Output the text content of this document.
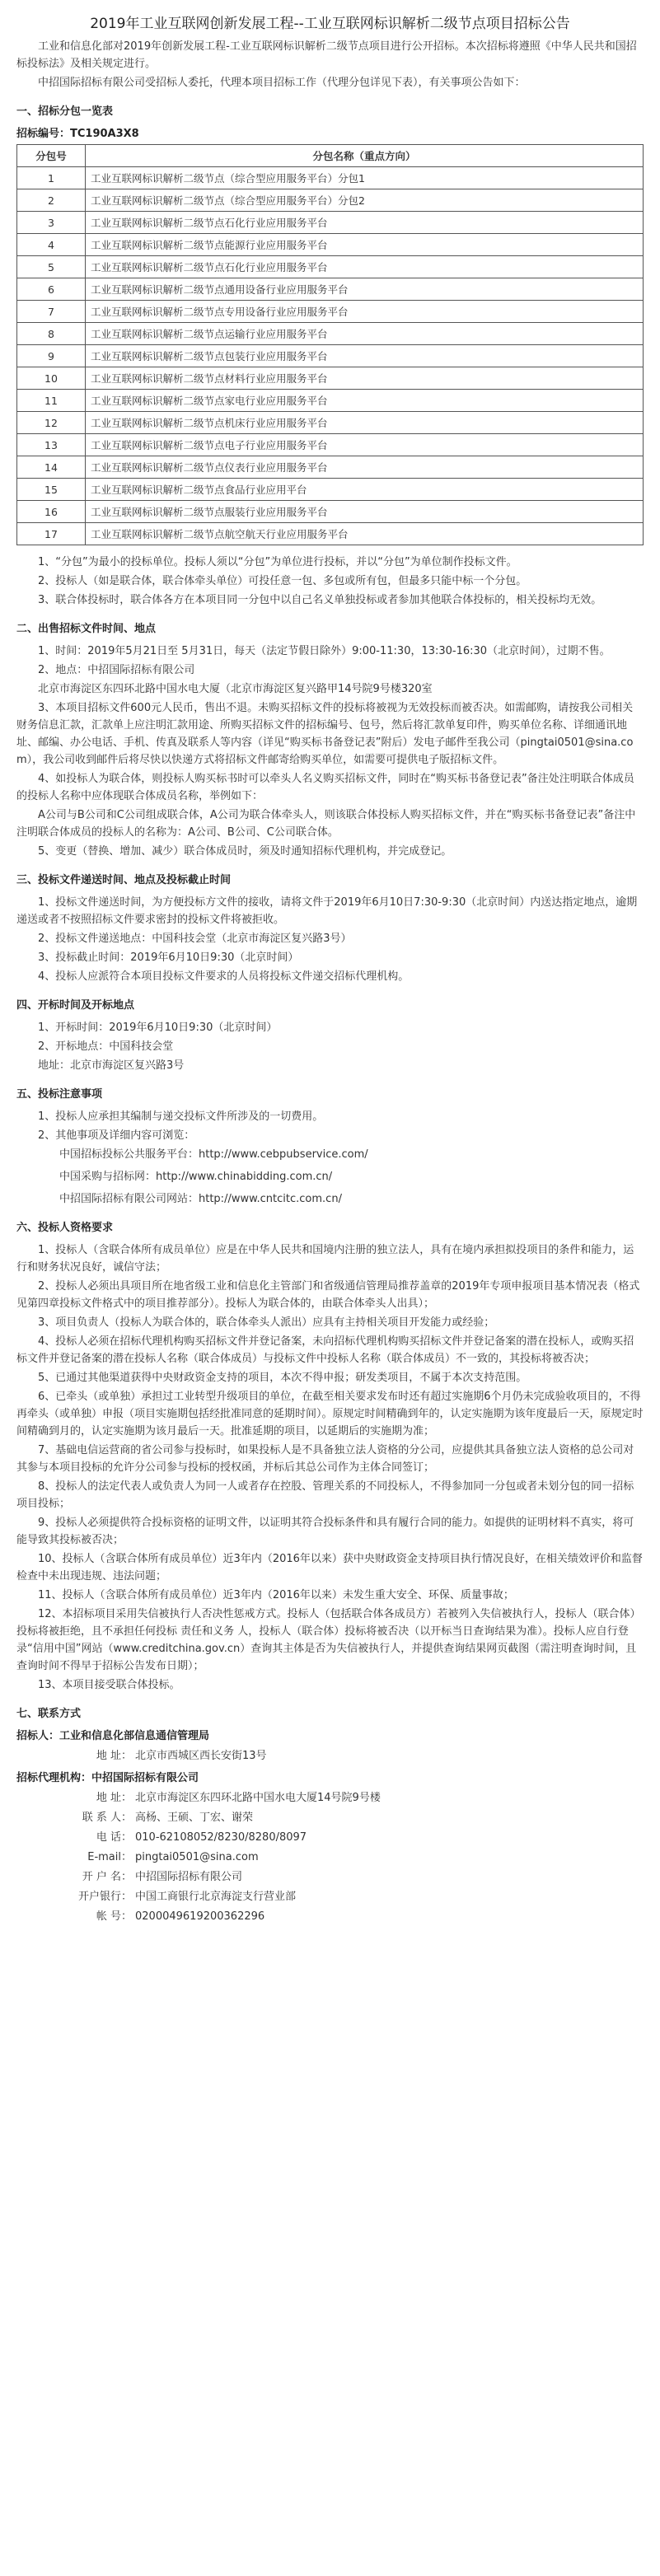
2019年工业互联网创新发展工程--工业互联网标识解析二级节点项目招标公告
工业和信息化部对2019年创新发展工程-工业互联网标识解析二级节点项目进行公开招标。本次招标将遵照《中华人民共和国招标投标法》及相关规定进行。
中招国际招标有限公司受招标人委托，代理本项目招标工作（代理分包详见下表），有关事项公告如下：
一、招标分包一览表
招标编号：TC190A3X8
分包号	分包名称（重点方向）
1	工业互联网标识解析二级节点（综合型应用服务平台）分包1
2	工业互联网标识解析二级节点（综合型应用服务平台）分包2
3	工业互联网标识解析二级节点石化行业应用服务平台
4	工业互联网标识解析二级节点能源行业应用服务平台
5	工业互联网标识解析二级节点石化行业应用服务平台
6	工业互联网标识解析二级节点通用设备行业应用服务平台
7	工业互联网标识解析二级节点专用设备行业应用服务平台
8	工业互联网标识解析二级节点运输行业应用服务平台
9	工业互联网标识解析二级节点包装行业应用服务平台
10	工业互联网标识解析二级节点材料行业应用服务平台
11	工业互联网标识解析二级节点家电行业应用服务平台
12	工业互联网标识解析二级节点机床行业应用服务平台
13	工业互联网标识解析二级节点电子行业应用服务平台
14	工业互联网标识解析二级节点仪表行业应用服务平台
15	工业互联网标识解析二级节点食品行业应用平台
16	工业互联网标识解析二级节点服装行业应用服务平台
17	工业互联网标识解析二级节点航空航天行业应用服务平台
1、“分包”为最小的投标单位。投标人须以“分包”为单位进行投标，并以“分包”为单位制作投标文件。
2、投标人（如是联合体，联合体牵头单位）可投任意一包、多包或所有包，但最多只能中标一个分包。
3、联合体投标时，联合体各方在本项目同一分包中以自己名义单独投标或者参加其他联合体投标的，相关投标均无效。
二、出售招标文件时间、地点
1、时间：2019年5月21日至 5月31日，每天（法定节假日除外）9:00-11:30，13:30-16:30（北京时间），过期不售。
2、地点：中招国际招标有限公司
北京市海淀区东四环北路中国水电大厦（北京市海淀区复兴路甲14号院9号楼320室
3、本项目招标文件600元人民币，售出不退。未购买招标文件的投标将被视为无效投标而被否决。如需邮购，请按我公司相关财务信息汇款，汇款单上应注明汇款用途、所购买招标文件的招标编号、包号，然后将汇款单复印件，购买单位名称、详细通讯地址、邮编、办公电话、手机、传真及联系人等内容（详见“购买标书备登记表”附后）发电子邮件至我公司（pingtai0501@sina.com），我公司收到邮件后将尽快以快递方式将招标文件邮寄给购买单位，如需要可提供电子版招标文件。
4、如投标人为联合体，则投标人购买标书时可以牵头人名义购买招标文件，同时在“购买标书备登记表”备注处注明联合体成员的投标人名称中应体现联合体成员名称，举例如下：
A公司与B公司和C公司组成联合体，A公司为联合体牵头人，则该联合体投标人购买招标文件，并在“购买标书备登记表”备注中注明联合体成员的投标人的名称为：A公司、B公司、C公司联合体。
5、变更（替换、增加、减少）联合体成员时，须及时通知招标代理机构，并完成登记。
三、投标文件递送时间、地点及投标截止时间
1、投标文件递送时间，为方便投标方文件的接收，请将文件于2019年6月10日7:30-9:30（北京时间）内送达指定地点，逾期递送或者不按照招标文件要求密封的投标文件将被拒收。
2、投标文件递送地点：中国科技会堂（北京市海淀区复兴路3号）
3、投标截止时间：2019年6月10日9:30（北京时间）
4、投标人应派符合本项目投标文件要求的人员将投标文件递交招标代理机构。
四、开标时间及开标地点
1、开标时间：2019年6月10日9:30（北京时间）
2、开标地点：中国科技会堂
地址：北京市海淀区复兴路3号
五、投标注意事项
1、投标人应承担其编制与递交投标文件所涉及的一切费用。
2、其他事项及详细内容可浏览：
中国招标投标公共服务平台：http://www.cebpubservice.com/
中国采购与招标网：http://www.chinabidding.com.cn/
中招国际招标有限公司网站：http://www.cntcitc.com.cn/
六、投标人资格要求
1、投标人（含联合体所有成员单位）应是在中华人民共和国境内注册的独立法人，具有在境内承担拟投项目的条件和能力，运行和财务状况良好，诚信守法；
2、投标人必须出具项目所在地省级工业和信息化主管部门和省级通信管理局推荐盖章的2019年专项申报项目基本情况表（格式见第四章投标文件格式中的项目推荐部分）。投标人为联合体的，由联合体牵头人出具）；
3、项目负责人（投标人为联合体的，联合体牵头人派出）应具有主持相关项目开发能力或经验；
4、投标人必须在招标代理机构购买招标文件并登记备案，未向招标代理机构购买招标文件并登记备案的潜在投标人，或购买招标文件并登记备案的潜在投标人名称（联合体成员）与投标文件中投标人名称（联合体成员）不一致的，其投标将被否决；
5、已通过其他渠道获得中央财政资金支持的项目，本次不得申报；研发类项目，不属于本次支持范围。
6、已牵头（或单独）承担过工业转型升级项目的单位，在截至相关要求发布时还有超过实施期6个月仍未完成验收项目的，不得再牵头（或单独）申报（项目实施期包括经批准同意的延期时间）。原规定时间精确到年的，认定实施期为该年度最后一天，原规定时间精确到月的，认定实施期为该月最后一天。批准延期的项目，以延期后的实施期为准；
7、基础电信运营商的省公司参与投标时，如果投标人是不具备独立法人资格的分公司，应提供其具备独立法人资格的总公司对其参与本项目投标的允许分公司参与投标的授权函，并标后其总公司作为主体合同签订；
8、投标人的法定代表人或负责人为同一人或者存在控股、管理关系的不同投标人，不得参加同一分包或者未划分包的同一招标项目投标；
9、投标人必须提供符合投标资格的证明文件，以证明其符合投标条件和具有履行合同的能力。如提供的证明材料不真实，将可能导致其投标被否决；
10、投标人（含联合体所有成员单位）近3年内（2016年以来）获中央财政资金支持项目执行情况良好，在相关绩效评价和监督检查中未出现违规、违法问题；
11、投标人（含联合体所有成员单位）近3年内（2016年以来）未发生重大安全、环保、质量事故；
12、本招标项目采用失信被执行人否决性惩戒方式。投标人（包括联合体各成员方）若被列入失信被执行人，投标人（联合体）投标将被拒绝，且不承担任何投标 责任和义务 人，投标人（联合体）投标将被否决（以开标当日查询结果为准）。投标人应自行登录“信用中国”网站（www.creditchina.gov.cn）查询其主体是否为失信被执行人，并提供查询结果网页截图（需注明查询时间，且查询时间不得早于招标公告发布日期）；
13、本项目接受联合体投标。
七、联系方式
招标人：工业和信息化部信息通信管理局
地 址： 北京市西城区西长安街13号
招标代理机构：中招国际招标有限公司
地 址： 北京市海淀区东四环北路中国水电大厦14号院9号楼
联 系 人： 高杨、王硕、丁宏、谢荣
电 话： 010-62108052/8230/8280/8097
E-mail： pingtai0501@sina.com
开 户 名： 中招国际招标有限公司
开户银行： 中国工商银行北京海淀支行营业部
帐 号： 0200049619200362296
